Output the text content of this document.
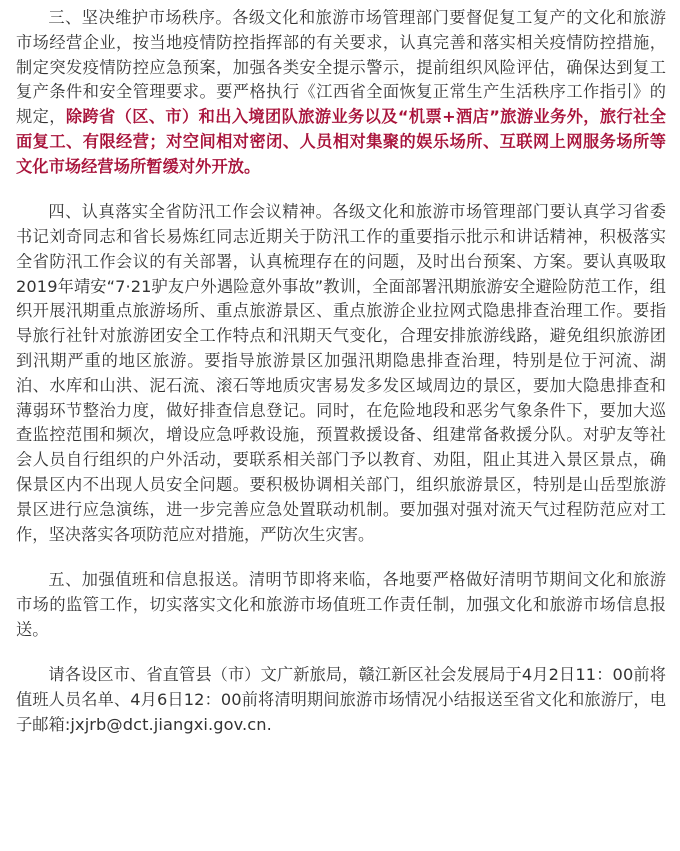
三、坚决维护市场秩序。各级文化和旅游市场管理部门要督促复工复产的文化和旅游市场经营企业，按当地疫情防控指挥部的有关要求，认真完善和落实相关疫情防控措施，制定突发疫情防控应急预案，加强各类安全提示警示，提前组织风险评估，确保达到复工复产条件和安全管理要求。要严格执行《江西省全面恢复正常生产生活秩序工作指引》的规定，除跨省（区、市）和出入境团队旅游业务以及“机票+酒店”旅游业务外，旅行社全面复工、有限经营；对空间相对密闭、人员相对集聚的娱乐场所、互联网上网服务场所等文化市场经营场所暂缓对外开放。

四、认真落实全省防汛工作会议精神。各级文化和旅游市场管理部门要认真学习省委书记刘奇同志和省长易炼红同志近期关于防汛工作的重要指示批示和讲话精神，积极落实全省防汛工作会议的有关部署，认真梳理存在的问题，及时出台预案、方案。要认真吸取2019年靖安“7·21驴友户外遇险意外事故”教训，全面部署汛期旅游安全避险防范工作，组织开展汛期重点旅游场所、重点旅游景区、重点旅游企业拉网式隐患排查治理工作。要指导旅行社针对旅游团安全工作特点和汛期天气变化，合理安排旅游线路，避免组织旅游团到汛期严重的地区旅游。要指导旅游景区加强汛期隐患排查治理，特别是位于河流、湖泊、水库和山洪、泥石流、滚石等地质灾害易发多发区域周边的景区，要加大隐患排查和薄弱环节整治力度，做好排查信息登记。同时，在危险地段和恶劣气象条件下，要加大巡查监控范围和频次，增设应急呼救设施，预置救援设备、组建常备救援分队。对驴友等社会人员自行组织的户外活动，要联系相关部门予以教育、劝阻，阻止其进入景区景点，确保景区内不出现人员安全问题。要积极协调相关部门，组织旅游景区，特别是山岳型旅游景区进行应急演练，进一步完善应急处置联动机制。要加强对强对流天气过程防范应对工作，坚决落实各项防范应对措施，严防次生灾害。

五、加强值班和信息报送。清明节即将来临，各地要严格做好清明节期间文化和旅游市场的监管工作，切实落实文化和旅游市场值班工作责任制，加强文化和旅游市场信息报送。

请各设区市、省直管县（市）文广新旅局，赣江新区社会发展局于4月2日11：00前将值班人员名单、4月6日12：00前将清明期间旅游市场情况小结报送至省文化和旅游厅，电子邮箱:jxjrb@dct.jiangxi.gov.cn.
